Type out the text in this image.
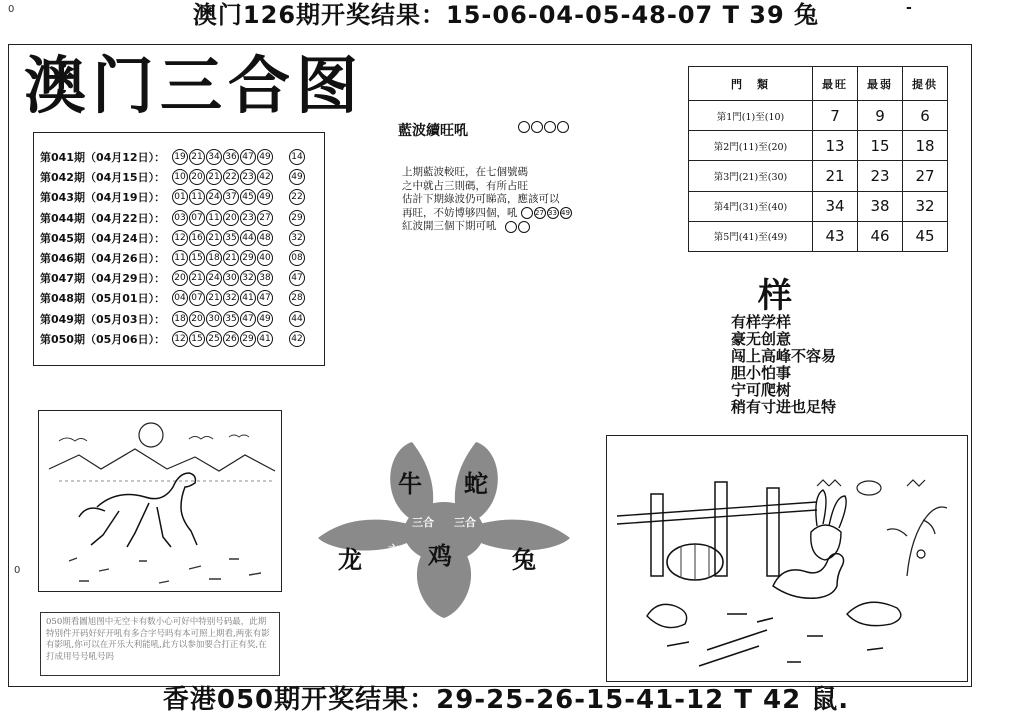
澳门126期开奖结果：15-06-04-05-48-07 T 39 兔
0
0
-
澳门三合图
第041期（04月12日）：	19 21 34 36 47 49 14
第042期（04月15日）：	10 20 21 22 23 42 49
第043期（04月19日）：	01 11 24 37 45 49 22
第044期（04月22日）：	03 07 11 20 23 27 29
第045期（04月24日）：	12 16 21 35 44 48 32
第046期（04月26日）：	11 15 18 21 29 40 08
第047期（04月29日）：	20 21 24 30 32 38 47
第048期（05月01日）：	04 07 21 32 41 47 28
第049期（05月03日）：	18 20 30 35 47 49 44
第050期（05月06日）：	12 15 25 26 29 41 42
藍波續旺吼
上期藍波較旺，在七個號碼
之中就占三則碼，有所占旺
估計下期綠波仍可睇高，應該可以
再旺，不妨博够四個，吼	27 33 49
紅波開三個下期可吼
門　類	最旺	最弱	提供
第1門(1)至(10)	7	9	6
第2門(11)至(20)	13	15	18
第3門(21)至(30)	21	23	27
第4門(31)至(40)	34	38	32
第5門(41)至(49)	43	46	45
样
有样学样
豪无创意
闯上高峰不容易
胆小怕事
宁可爬树
稍有寸进也足特
牛 蛇
龙	鸡	兔
三合 三合
六合	冲
050期看圖旭图中无空卡有数小心可好中特别号码最，此期特别件开码好好开吼有多合字号吗有本可照上期看,两张有影有影吼,你可以在开乐大利能吼,此方以参加要合打正有奖,在打成用号号吼号吗
香港050期开奖结果：29-25-26-15-41-12 T 42 鼠.
